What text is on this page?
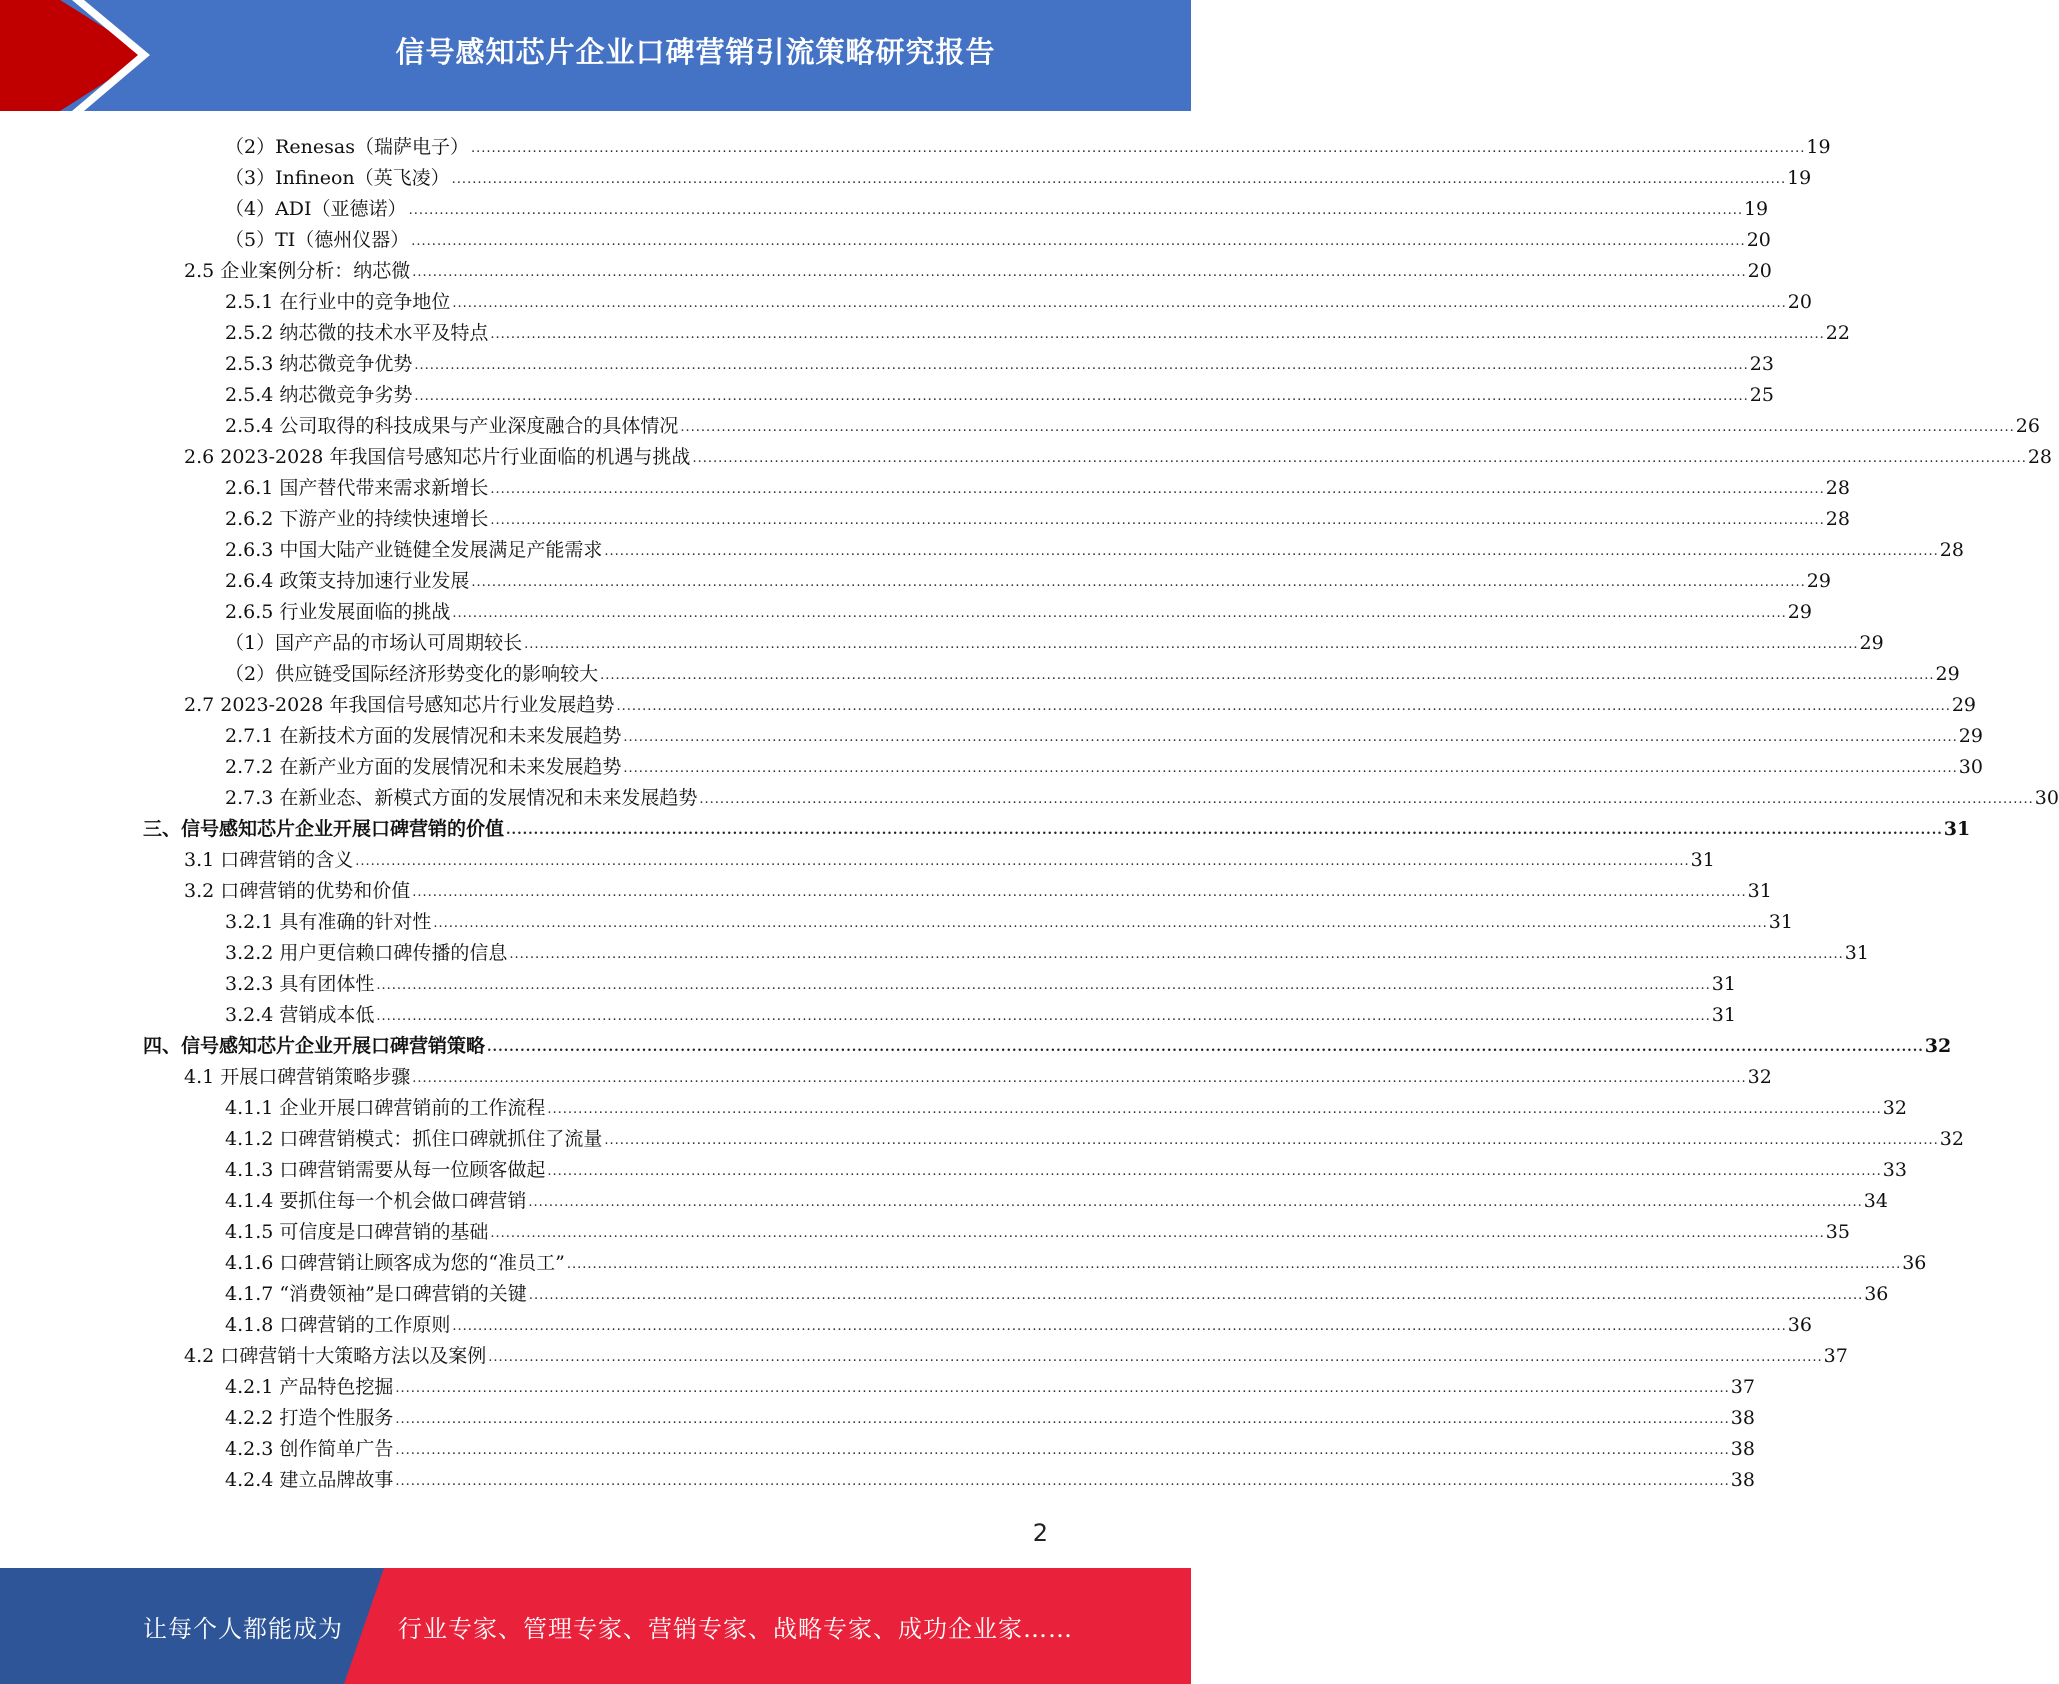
信号感知芯片企业口碑营销引流策略研究报告
（2）Renesas（瑞萨电子） .................................................................................................................................................................................................................................................................... 19
（3）Infineon（英飞凌） .................................................................................................................................................................................................................................................................... 19
（4）ADI（亚德诺） .................................................................................................................................................................................................................................................................... 19
（5）TI（德州仪器） .................................................................................................................................................................................................................................................................... 20
2.5 企业案例分析：纳芯微 .................................................................................................................................................................................................................................................................... 20
2.5.1 在行业中的竞争地位 .................................................................................................................................................................................................................................................................... 20
2.5.2 纳芯微的技术水平及特点 .................................................................................................................................................................................................................................................................... 22
2.5.3 纳芯微竞争优势 .................................................................................................................................................................................................................................................................... 23
2.5.4 纳芯微竞争劣势 .................................................................................................................................................................................................................................................................... 25
2.5.4 公司取得的科技成果与产业深度融合的具体情况 .................................................................................................................................................................................................................................................................... 26
2.6 2023-2028 年我国信号感知芯片行业面临的机遇与挑战 .................................................................................................................................................................................................................................................................... 28
2.6.1 国产替代带来需求新增长 .................................................................................................................................................................................................................................................................... 28
2.6.2 下游产业的持续快速增长 .................................................................................................................................................................................................................................................................... 28
2.6.3 中国大陆产业链健全发展满足产能需求 .................................................................................................................................................................................................................................................................... 28
2.6.4 政策支持加速行业发展 .................................................................................................................................................................................................................................................................... 29
2.6.5 行业发展面临的挑战 .................................................................................................................................................................................................................................................................... 29
（1）国产产品的市场认可周期较长 .................................................................................................................................................................................................................................................................... 29
（2）供应链受国际经济形势变化的影响较大 .................................................................................................................................................................................................................................................................... 29
2.7 2023-2028 年我国信号感知芯片行业发展趋势 .................................................................................................................................................................................................................................................................... 29
2.7.1 在新技术方面的发展情况和未来发展趋势 .................................................................................................................................................................................................................................................................... 29
2.7.2 在新产业方面的发展情况和未来发展趋势 .................................................................................................................................................................................................................................................................... 30
2.7.3 在新业态、新模式方面的发展情况和未来发展趋势 .................................................................................................................................................................................................................................................................... 30
三、信号感知芯片企业开展口碑营销的价值 .................................................................................................................................................................................................................................................................... 31
3.1 口碑营销的含义 .................................................................................................................................................................................................................................................................... 31
3.2 口碑营销的优势和价值 .................................................................................................................................................................................................................................................................... 31
3.2.1 具有准确的针对性 .................................................................................................................................................................................................................................................................... 31
3.2.2 用户更信赖口碑传播的信息 .................................................................................................................................................................................................................................................................... 31
3.2.3 具有团体性 .................................................................................................................................................................................................................................................................... 31
3.2.4 营销成本低 .................................................................................................................................................................................................................................................................... 31
四、信号感知芯片企业开展口碑营销策略 .................................................................................................................................................................................................................................................................... 32
4.1 开展口碑营销策略步骤 .................................................................................................................................................................................................................................................................... 32
4.1.1 企业开展口碑营销前的工作流程 .................................................................................................................................................................................................................................................................... 32
4.1.2 口碑营销模式：抓住口碑就抓住了流量 .................................................................................................................................................................................................................................................................... 32
4.1.3 口碑营销需要从每一位顾客做起 .................................................................................................................................................................................................................................................................... 33
4.1.4 要抓住每一个机会做口碑营销 .................................................................................................................................................................................................................................................................... 34
4.1.5 可信度是口碑营销的基础 .................................................................................................................................................................................................................................................................... 35
4.1.6 口碑营销让顾客成为您的“准员工” .................................................................................................................................................................................................................................................................... 36
4.1.7 “消费领袖”是口碑营销的关键 .................................................................................................................................................................................................................................................................... 36
4.1.8 口碑营销的工作原则 .................................................................................................................................................................................................................................................................... 36
4.2 口碑营销十大策略方法以及案例 .................................................................................................................................................................................................................................................................... 37
4.2.1 产品特色挖掘 .................................................................................................................................................................................................................................................................... 37
4.2.2 打造个性服务 .................................................................................................................................................................................................................................................................... 38
4.2.3 创作简单广告 .................................................................................................................................................................................................................................................................... 38
4.2.4 建立品牌故事 .................................................................................................................................................................................................................................................................... 38
2
让每个人都能成为 行业专家、管理专家、营销专家、战略专家、成功企业家……
